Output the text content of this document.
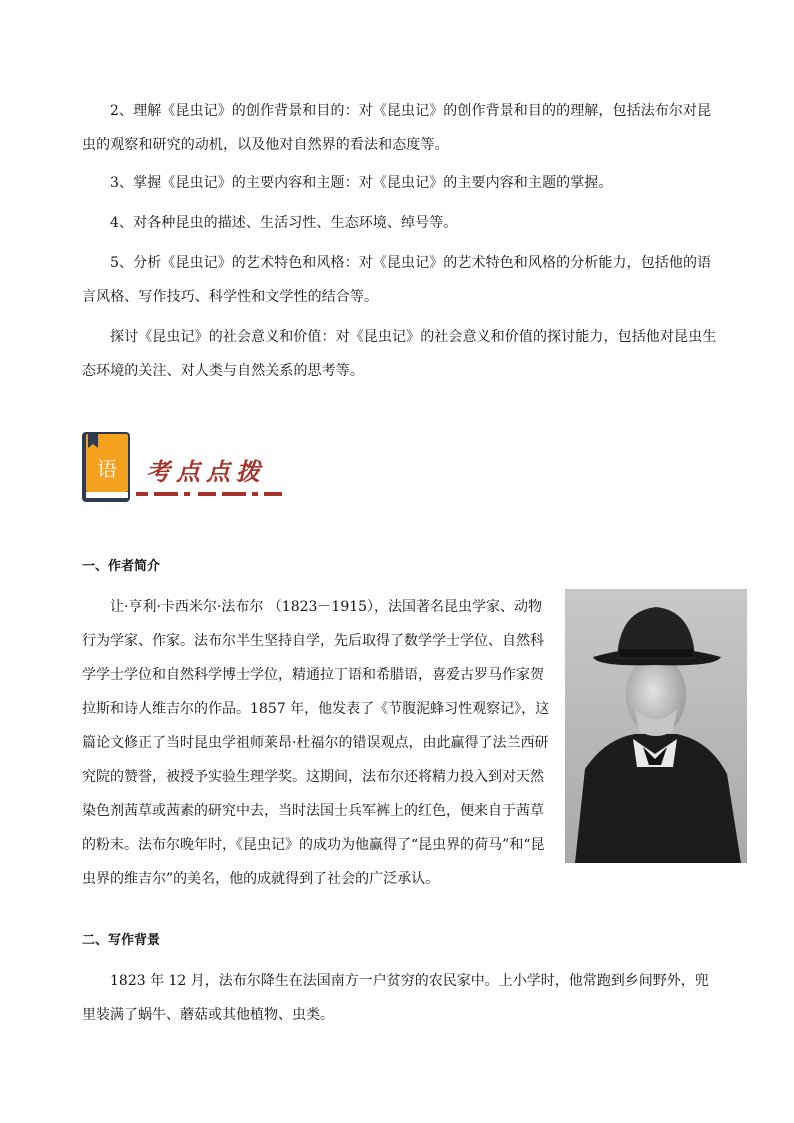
2、理解《昆虫记》的创作背景和目的：对《昆虫记》的创作背景和目的的理解，包括法布尔对昆虫的观察和研究的动机，以及他对自然界的看法和态度等。

3、掌握《昆虫记》的主要内容和主题：对《昆虫记》的主要内容和主题的掌握。

4、对各种昆虫的描述、生活习性、生态环境、绰号等。

5、分析《昆虫记》的艺术特色和风格：对《昆虫记》的艺术特色和风格的分析能力，包括他的语言风格、写作技巧、科学性和文学性的结合等。

探讨《昆虫记》的社会意义和价值：对《昆虫记》的社会意义和价值的探讨能力，包括他对昆虫生态环境的关注、对人类与自然关系的思考等。

语 考点点拨
一、作者简介

让·亨利·卡西米尔·法布尔 （1823－1915），法国著名昆虫学家、动物行为学家、作家。法布尔半生坚持自学，先后取得了数学学士学位、自然科学学士学位和自然科学博士学位，精通拉丁语和希腊语，喜爱古罗马作家贺拉斯和诗人维吉尔的作品。1857 年，他发表了《节腹泥蜂习性观察记》，这篇论文修正了当时昆虫学祖师莱昂·杜福尔的错误观点，由此赢得了法兰西研究院的赞誉，被授予实验生理学奖。这期间，法布尔还将精力投入到对天然染色剂茜草或茜素的研究中去，当时法国士兵军裤上的红色，便来自于茜草的粉末。法布尔晚年时，《昆虫记》的成功为他赢得了“昆虫界的荷马”和“昆虫界的维吉尔”的美名，他的成就得到了社会的广泛承认。

二、写作背景

1823 年 12 月，法布尔降生在法国南方一户贫穷的农民家中。上小学时，他常跑到乡间野外，兜里装满了蜗牛、蘑菇或其他植物、虫类。
